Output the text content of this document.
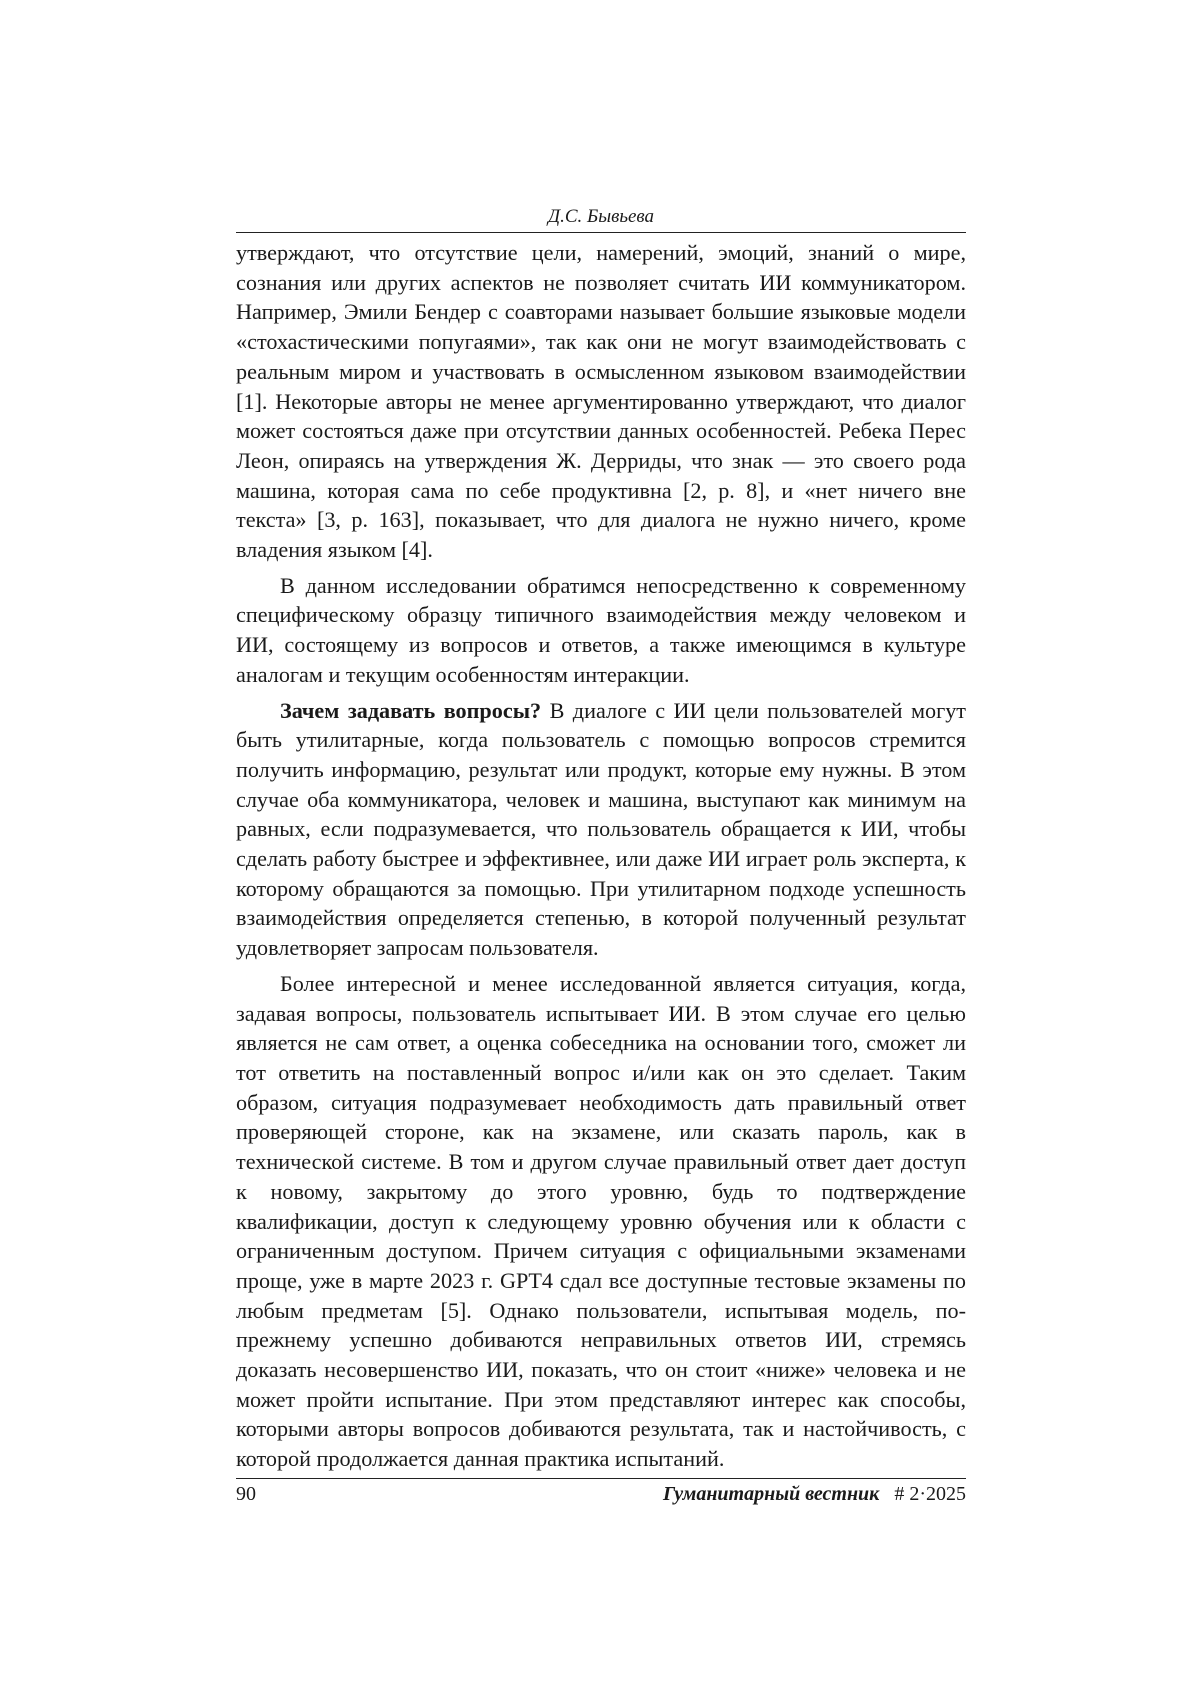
Д.С. Бывьева

утверждают, что отсутствие цели, намерений, эмоций, знаний о мире, сознания или других аспектов не позволяет считать ИИ коммуникатором. Например, Эмили Бендер с соавторами называет большие языковые модели «стохастическими попугаями», так как они не могут взаимодействовать с реальным миром и участвовать в осмысленном языковом взаимодействии [1]. Некоторые авторы не менее аргументированно утверждают, что диалог может состояться даже при отсутствии данных особенностей. Ребека Перес Леон, опираясь на утверждения Ж. Дерриды, что знак — это своего рода машина, которая сама по себе продуктивна [2, р. 8], и «нет ничего вне текста» [3, р. 163], показывает, что для диалога не нужно ничего, кроме владения языком [4].

В данном исследовании обратимся непосредственно к современному специфическому образцу типичного взаимодействия между человеком и ИИ, состоящему из вопросов и ответов, а также имеющимся в культуре аналогам и текущим особенностям интеракции.

Зачем задавать вопросы? В диалоге с ИИ цели пользователей могут быть утилитарные, когда пользователь с помощью вопросов стремится получить информацию, результат или продукт, которые ему нужны. В этом случае оба коммуникатора, человек и машина, выступают как минимум на равных, если подразумевается, что пользователь обращается к ИИ, чтобы сделать работу быстрее и эффективнее, или даже ИИ играет роль эксперта, к которому обращаются за помощью. При утилитарном подходе успешность взаимодействия определяется степенью, в которой полученный результат удовлетворяет запросам пользователя.

Более интересной и менее исследованной является ситуация, когда, задавая вопросы, пользователь испытывает ИИ. В этом случае его целью является не сам ответ, а оценка собеседника на основании того, сможет ли тот ответить на поставленный вопрос и/или как он это сделает. Таким образом, ситуация подразумевает необходимость дать правильный ответ проверяющей стороне, как на экзамене, или сказать пароль, как в технической системе. В том и другом случае правильный ответ дает доступ к новому, закрытому до этого уровню, будь то подтверждение квалификации, доступ к следующему уровню обучения или к области с ограниченным доступом. Причем ситуация с официальными экзаменами проще, уже в марте 2023 г. GPT4 сдал все доступные тестовые экзамены по любым предметам [5]. Однако пользователи, испытывая модель, по-прежнему успешно добиваются неправильных ответов ИИ, стремясь доказать несовершенство ИИ, показать, что он стоит «ниже» человека и не может пройти испытание. При этом представляют интерес как способы, которыми авторы вопросов добиваются результата, так и настойчивость, с которой продолжается данная практика испытаний.

90	Гуманитарный вестник # 2·2025
